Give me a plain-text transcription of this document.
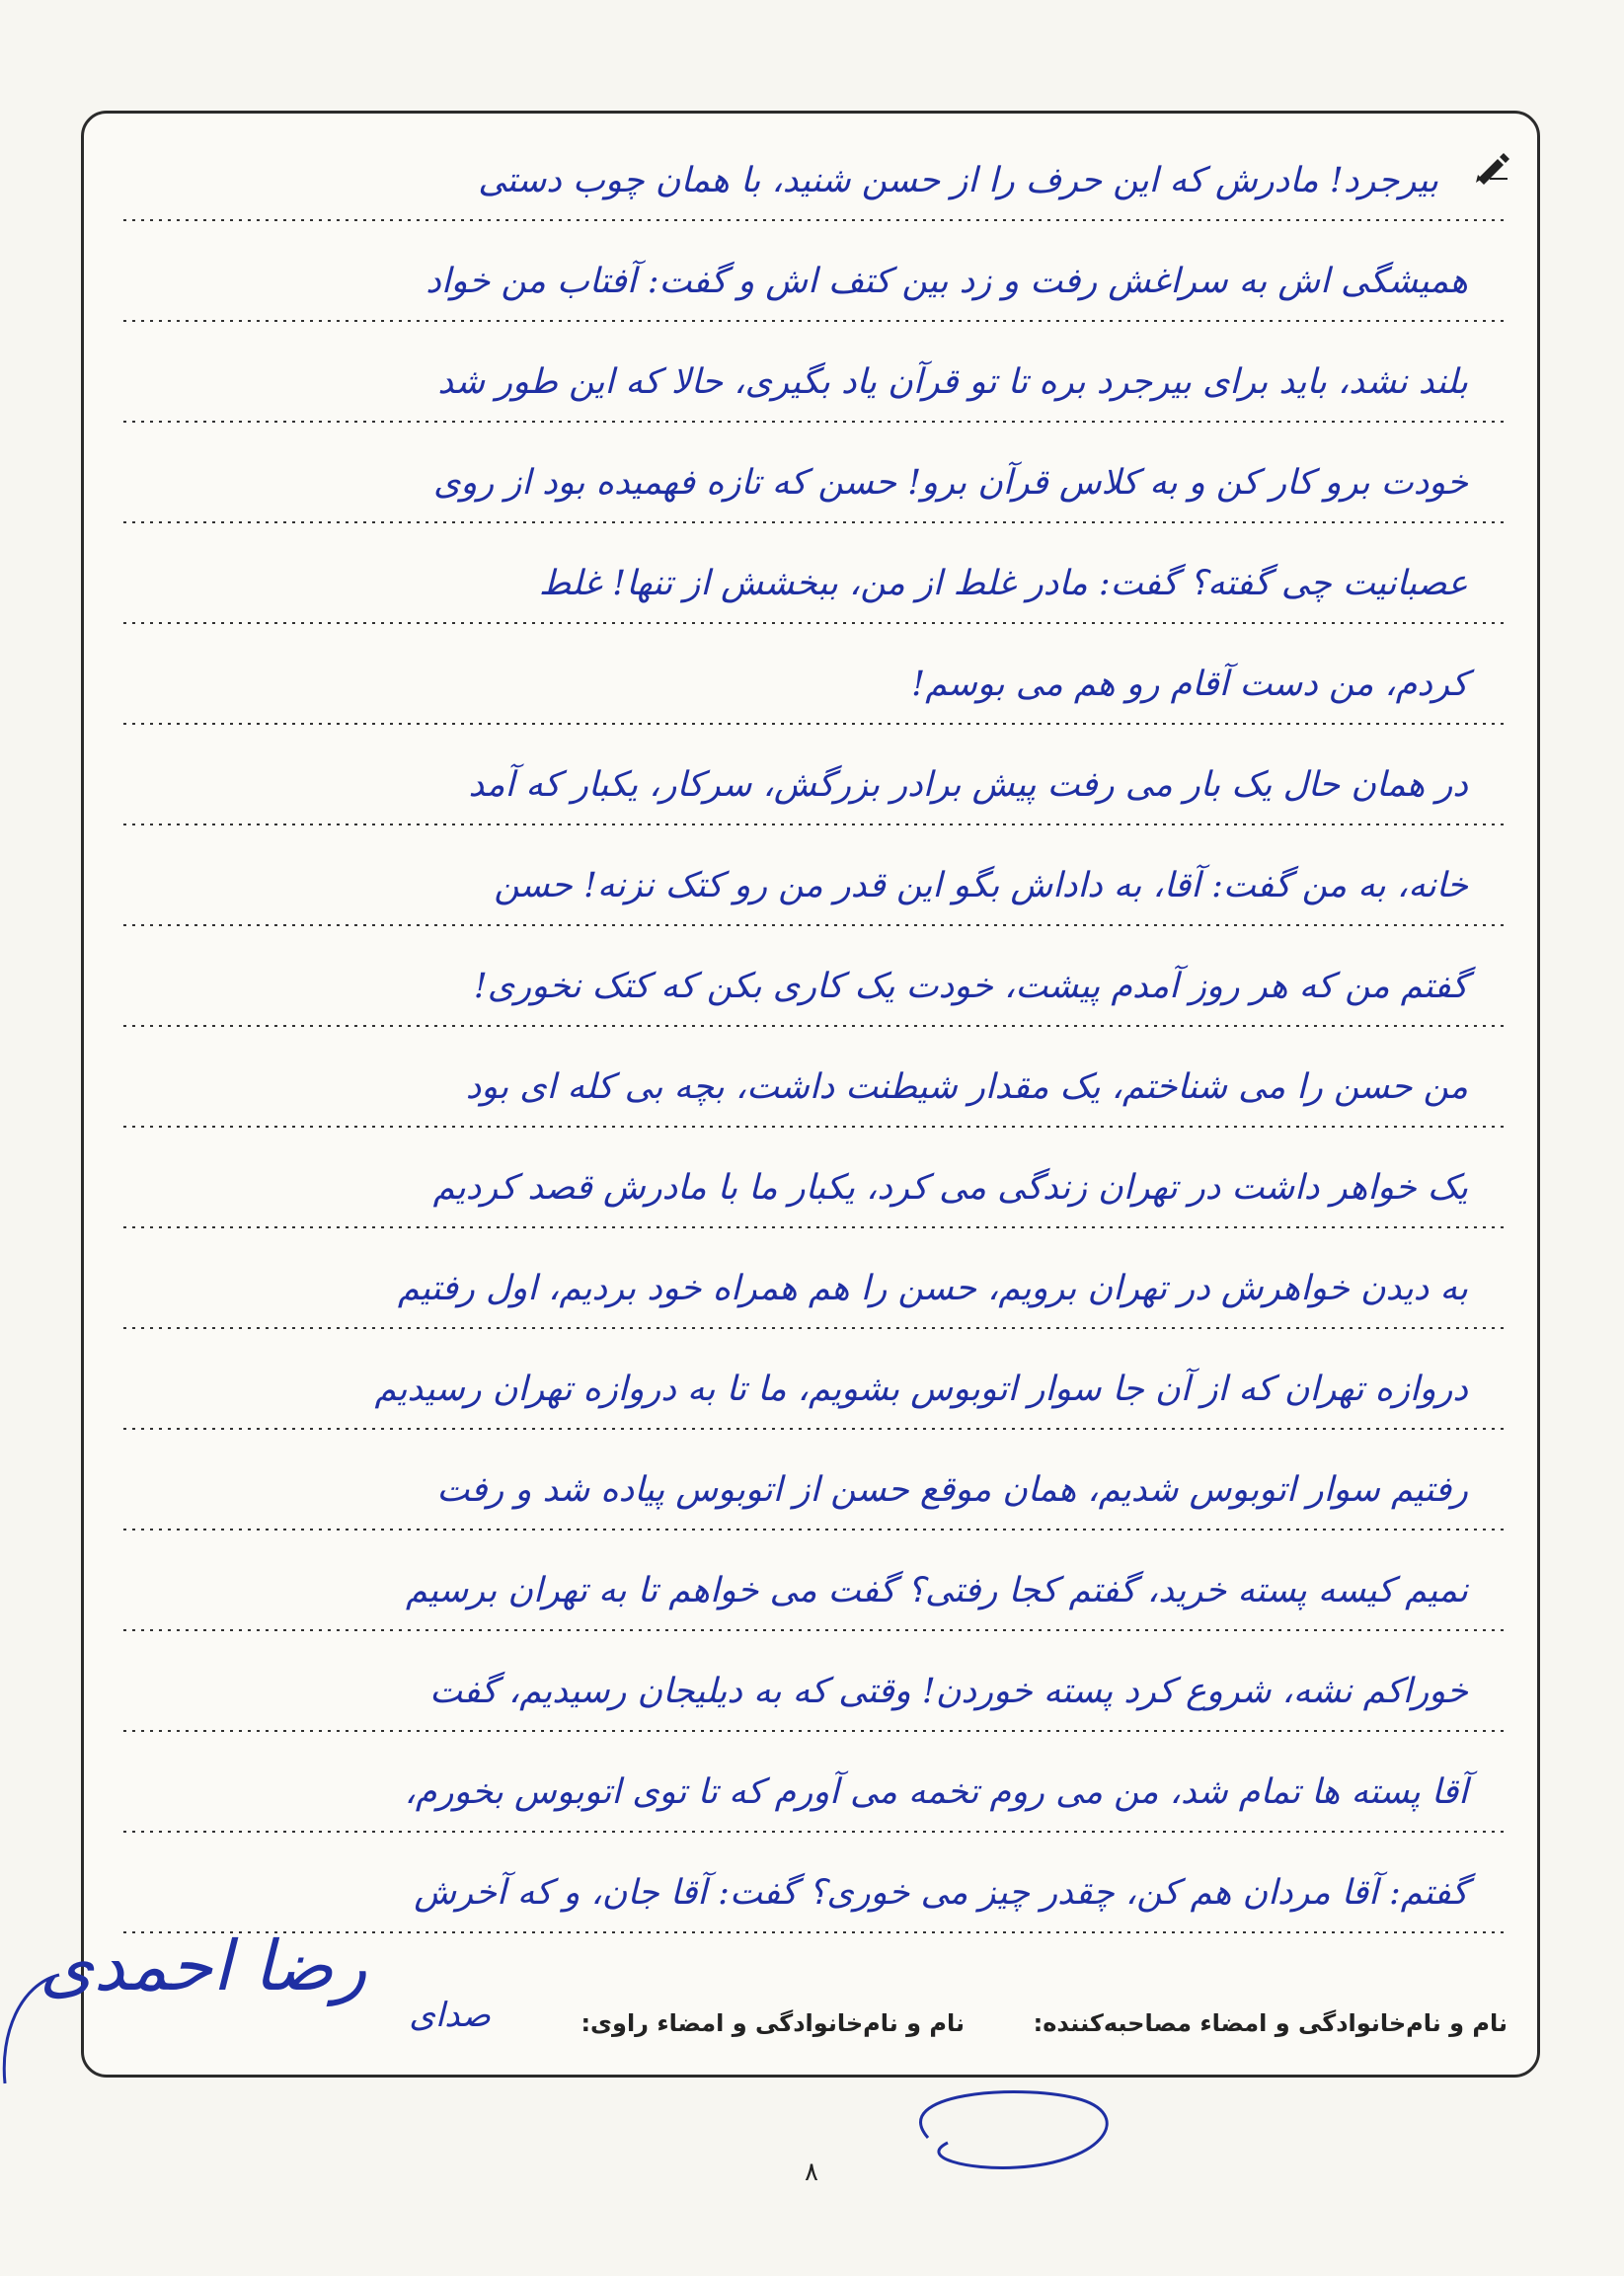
بیرجرد! مادرش که این حرف را از حسن شنید، با همان چوب دستی
همیشگی اش به سراغش رفت و زد بین کتف اش و گفت: آفتاب من خواد
بلند نشد، باید برای بیرجرد بره تا تو قرآن یاد بگیری، حالا که این طور شد
خودت برو کار کن و به کلاس قرآن برو! حسن که تازه فهمیده بود از روی
عصبانیت چی گفته؟ گفت: مادر غلط از من، ببخشش از تنها! غلط
کردم، من دست آقام رو هم می بوسم!
در همان حال یک بار می رفت پیش برادر بزرگش، سرکار، یکبار که آمد
خانه، به من گفت: آقا، به داداش بگو این قدر من رو کتک نزنه! حسن
گفتم من که هر روز آمدم پیشت، خودت یک کاری بکن که کتک نخوری!
من حسن را می شناختم، یک مقدار شیطنت داشت، بچه بی کله ای بود
یک خواهر داشت در تهران زندگی می کرد، یکبار ما با مادرش قصد کردیم
به دیدن خواهرش در تهران برویم، حسن را هم همراه خود بردیم، اول رفتیم
دروازه تهران که از آن جا سوار اتوبوس بشویم، ما تا به دروازه تهران رسیدیم
رفتیم سوار اتوبوس شدیم، همان موقع حسن از اتوبوس پیاده شد و رفت
نمیم کیسه پسته خرید، گفتم کجا رفتی؟ گفت می خواهم تا به تهران برسیم
خوراکم نشه، شروع کرد پسته خوردن! وقتی که به دیلیجان رسیدیم، گفت
آقا پسته ها تمام شد، من می روم تخمه می آورم که تا توی اتوبوس بخورم،
گفتم: آقا مردان هم کن، چقدر چیز می خوری؟ گفت: آقا جان، و که آخرش
نام و نام‌خانوادگی و امضاء مصاحبه‌کننده:
صدای	نام و نام‌خانوادگی و امضاء راوی:
رضا احمدی
۸
